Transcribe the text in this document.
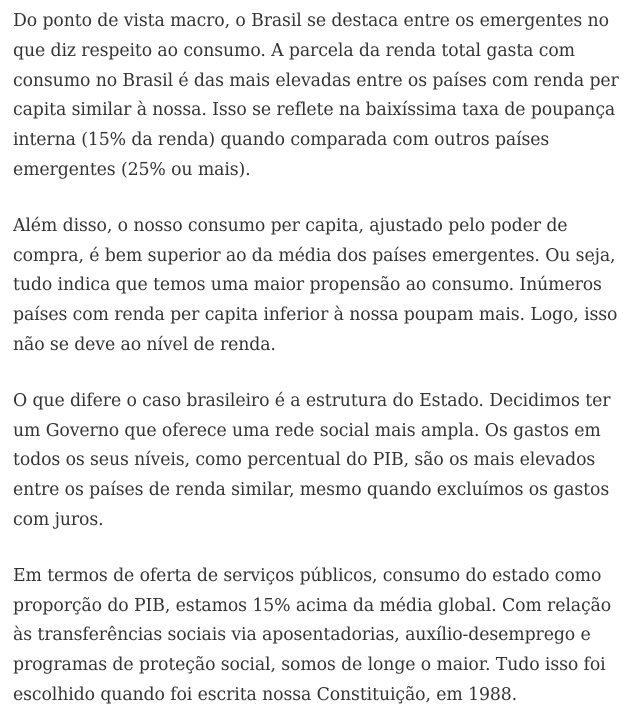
Do ponto de vista macro, o Brasil se destaca entre os emergentes no
que diz respeito ao consumo. A parcela da renda total gasta com
consumo no Brasil é das mais elevadas entre os países com renda per
capita similar à nossa. Isso se reflete na baixíssima taxa de poupança
interna (15% da renda) quando comparada com outros países
emergentes (25% ou mais).

Além disso, o nosso consumo per capita, ajustado pelo poder de
compra, é bem superior ao da média dos países emergentes. Ou seja,
tudo indica que temos uma maior propensão ao consumo. Inúmeros
países com renda per capita inferior à nossa poupam mais. Logo, isso
não se deve ao nível de renda.

O que difere o caso brasileiro é a estrutura do Estado. Decidimos ter
um Governo que oferece uma rede social mais ampla. Os gastos em
todos os seus níveis, como percentual do PIB, são os mais elevados
entre os países de renda similar, mesmo quando excluímos os gastos
com juros.

Em termos de oferta de serviços públicos, consumo do estado como
proporção do PIB, estamos 15% acima da média global. Com relação
às transferências sociais via aposentadorias, auxílio-desemprego e
programas de proteção social, somos de longe o maior. Tudo isso foi
escolhido quando foi escrita nossa Constituição, em 1988.
